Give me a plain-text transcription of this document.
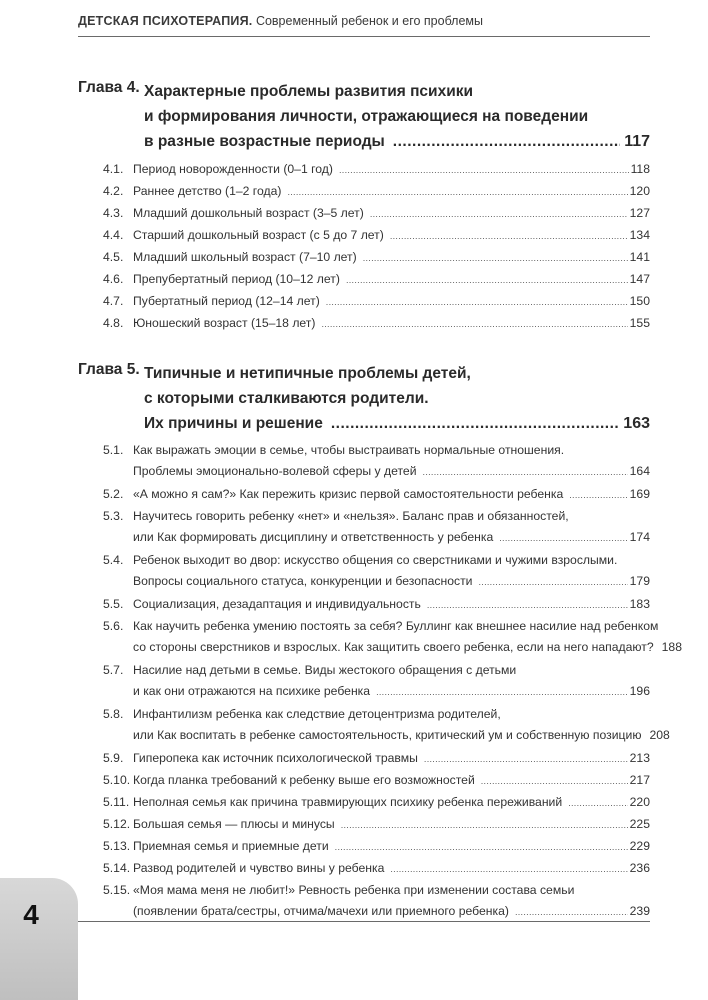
ДЕТСКАЯ ПСИХОТЕРАПИЯ. Современный ребенок и его проблемы
Глава 4. Характерные проблемы развития психики
и формирования личности, отражающиеся на поведении
в разные возрастные периоды .....	117
4.1. Период новорожденности (0–1 год) .....	118
4.2. Раннее детство (1–2 года) .....	120
4.3. Младший дошкольный возраст (3–5 лет) .....	127
4.4. Старший дошкольный возраст (с 5 до 7 лет) .....	134
4.5. Младший школьный возраст (7–10 лет) .....	141
4.6. Препубертатный период (10–12 лет) .....	147
4.7. Пубертатный период (12–14 лет) .....	150
4.8. Юношеский возраст (15–18 лет) .....	155
Глава 5. Типичные и нетипичные проблемы детей,
с которыми сталкиваются родители.
Их причины и решение .....	163
5.1. Как выражать эмоции в семье, чтобы выстраивать нормальные отношения.
Проблемы эмоционально-волевой сферы у детей .....	164
5.2. «А можно я сам?» Как пережить кризис первой самостоятельности ребенка .....	169
5.3. Научитесь говорить ребенку «нет» и «нельзя». Баланс прав и обязанностей,
или Как формировать дисциплину и ответственность у ребенка .....	174
5.4. Ребенок выходит во двор: искусство общения со сверстниками и чужими взрослыми.
Вопросы социального статуса, конкуренции и безопасности .....	179
5.5. Социализация, дезадаптация и индивидуальность .....	183
5.6. Как научить ребенка умению постоять за себя? Буллинг как внешнее насилие над ребенком
со стороны сверстников и взрослых. Как защитить своего ребенка, если на него нападают? 188
5.7. Насилие над детьми в семье. Виды жестокого обращения с детьми
и как они отражаются на психике ребенка .....	196
5.8. Инфантилизм ребенка как следствие детоцентризма родителей,
или Как воспитать в ребенке самостоятельность, критический ум и собственную позицию 208
5.9. Гиперопека как источник психологической травмы .....	213
5.10. Когда планка требований к ребенку выше его возможностей .....	217
5.11. Неполная семья как причина травмирующих психику ребенка переживаний .....	220
5.12. Большая семья — плюсы и минусы .....	225
5.13. Приемная семья и приемные дети .....	229
5.14. Развод родителей и чувство вины у ребенка .....	236
5.15. «Моя мама меня не любит!» Ревность ребенка при изменении состава семьи
(появлении брата/сестры, отчима/мачехи или приемного ребенка) .....	239
4
